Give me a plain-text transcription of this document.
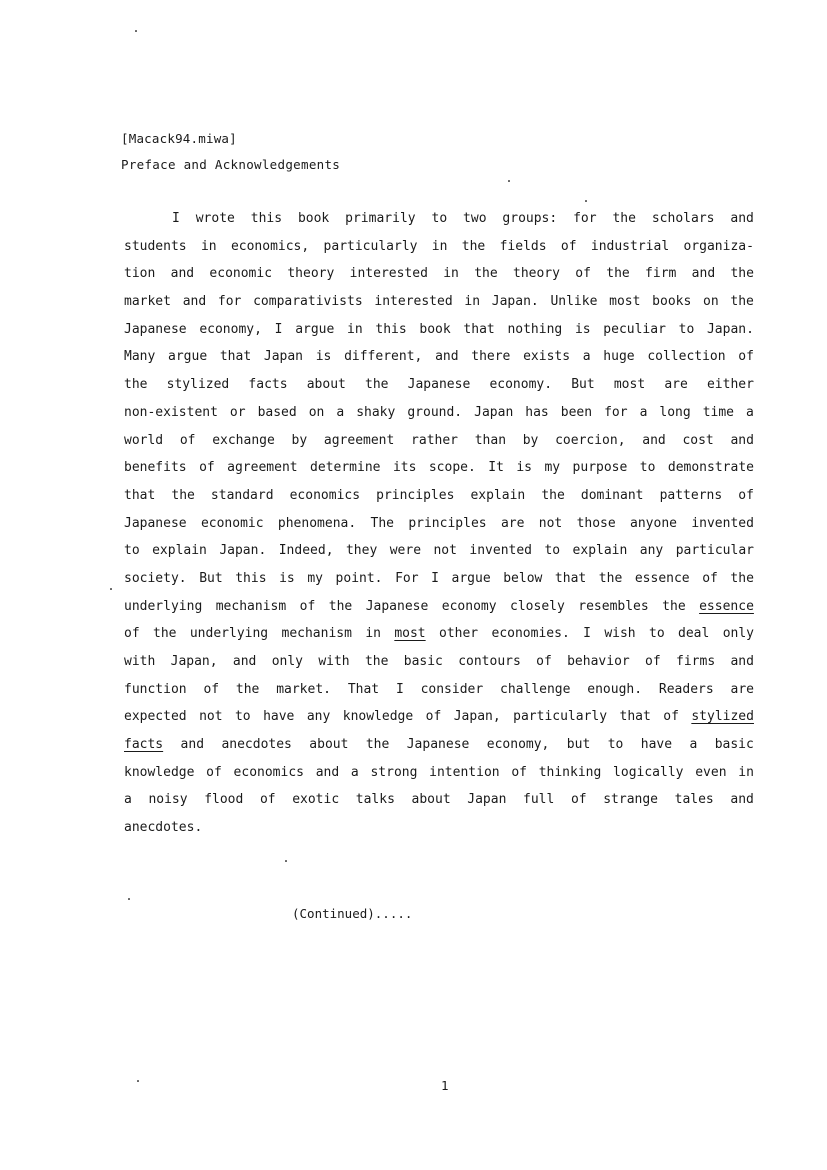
[Macack94.miwa]
Preface and Acknowledgements
I wrote this book primarily to two groups: for the scholars and
students in economics, particularly in the fields of industrial organiza-
tion and economic theory interested in the theory of the firm and the
market and for comparativists interested in Japan. Unlike most books on the
Japanese economy, I argue in this book that nothing is peculiar to Japan.
Many argue that Japan is different, and there exists a huge collection of
the stylized facts about the Japanese economy. But most are either
non-existent or based on a shaky ground. Japan has been for a long time a
world of exchange by agreement rather than by coercion, and cost and
benefits of agreement determine its scope. It is my purpose to demonstrate
that the standard economics principles explain the dominant patterns of
Japanese economic phenomena. The principles are not those anyone invented
to explain Japan. Indeed, they were not invented to explain any particular
society. But this is my point. For I argue below that the essence of the
underlying mechanism of the Japanese economy closely resembles the essence
of the underlying mechanism in most other economies. I wish to deal only
with Japan, and only with the basic contours of behavior of firms and
function of the market. That I consider challenge enough. Readers are
expected not to have any knowledge of Japan, particularly that of stylized
facts and anecdotes about the Japanese economy, but to have a basic
knowledge of economics and a strong intention of thinking logically even in
a noisy flood of exotic talks about Japan full of strange tales and
anecdotes.
(Continued).....
1
